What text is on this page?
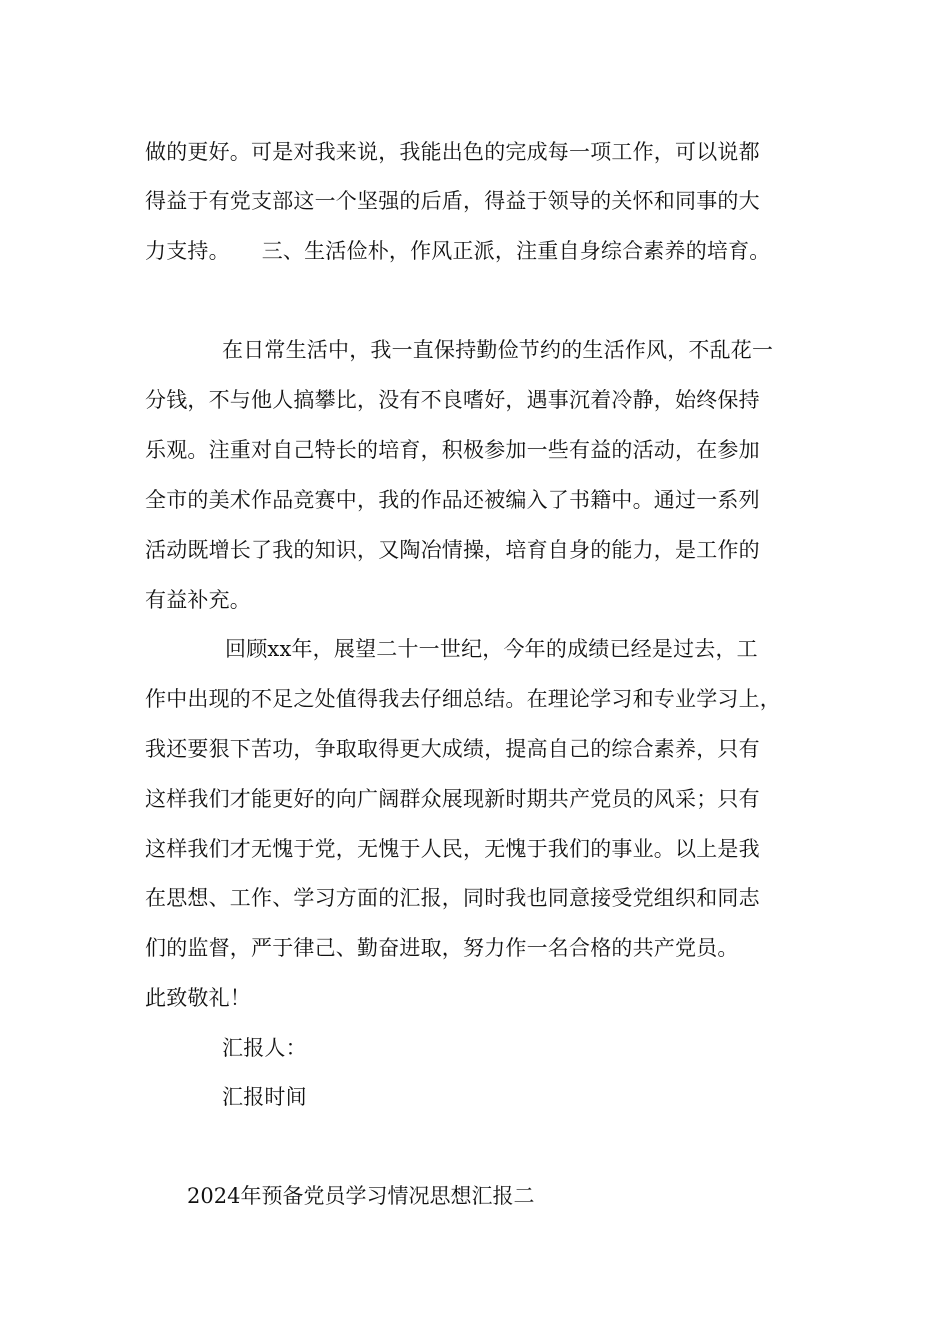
做的更好。可是对我来说，我能出色的完成每一项工作，可以说都
得益于有党支部这一个坚强的后盾，得益于领导的关怀和同事的大
力支持。　　三、生活俭朴，作风正派，注重自身综合素养的培育。
在日常生活中，我一直保持勤俭节约的生活作风，不乱花一
分钱，不与他人搞攀比，没有不良嗜好，遇事沉着冷静，始终保持
乐观。注重对自己特长的培育，积极参加一些有益的活动，在参加
全市的美术作品竞赛中，我的作品还被编入了书籍中。通过一系列
活动既增长了我的知识，又陶冶情操，培育自身的能力，是工作的
有益补充。
回顾xx年，展望二十一世纪，今年的成绩已经是过去，工
作中出现的不足之处值得我去仔细总结。在理论学习和专业学习上，
我还要狠下苦功，争取取得更大成绩，提高自己的综合素养，只有
这样我们才能更好的向广阔群众展现新时期共产党员的风采；只有
这样我们才无愧于党，无愧于人民，无愧于我们的事业。以上是我
在思想、工作、学习方面的汇报，同时我也同意接受党组织和同志
们的监督，严于律己、勤奋进取，努力作一名合格的共产党员。
此致敬礼！
汇报人：
汇报时间
2024年预备党员学习情况思想汇报二
